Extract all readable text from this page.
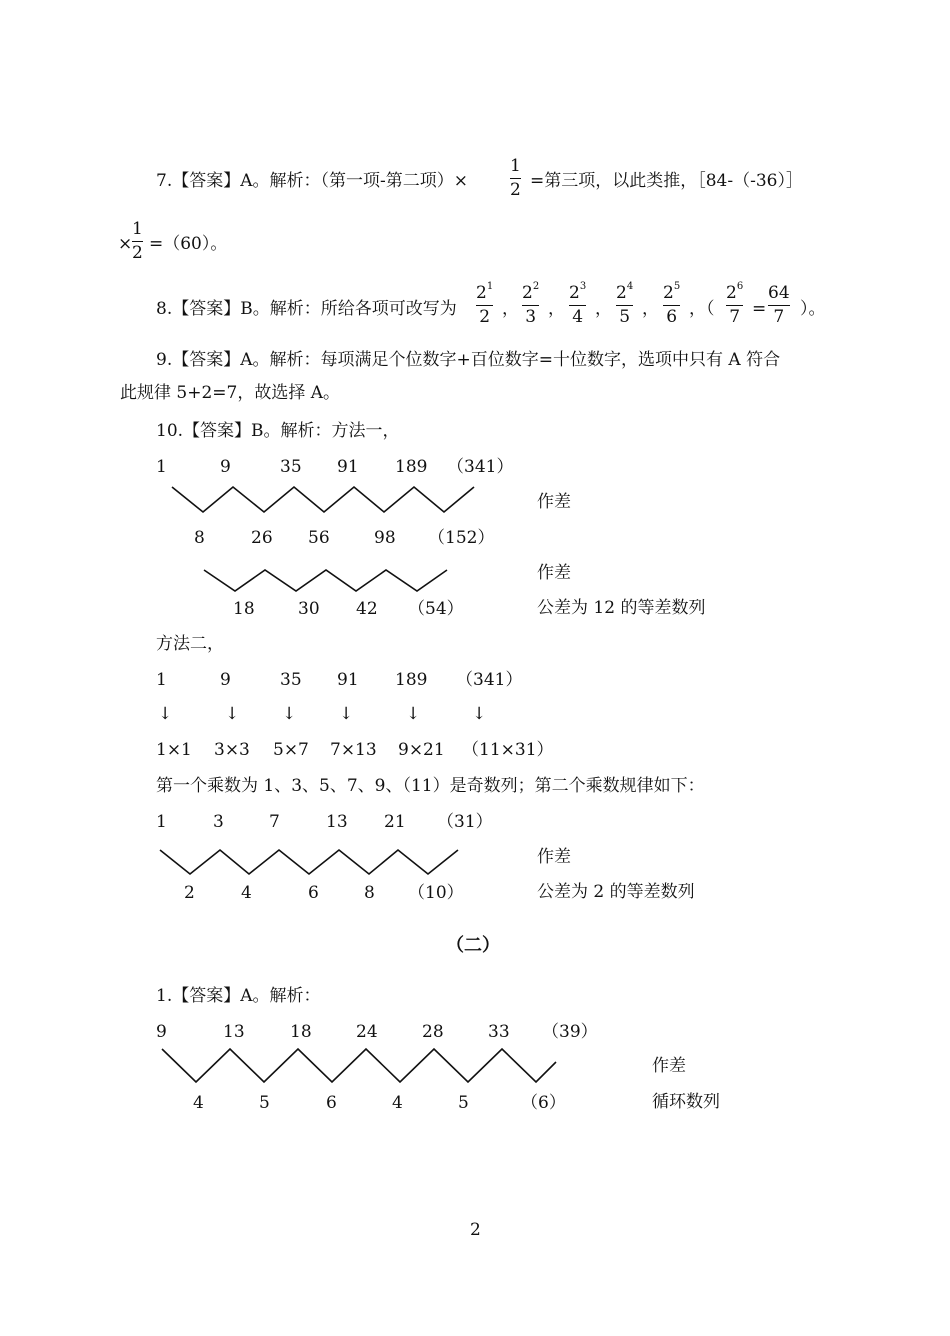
7.【答案】A。解析：（第一项-第二项）×
1
2 =第三项，以此类推，［84-（-36）］
×
1
2 =（60）。
8.【答案】B。解析：所给各项可改写为
$2^1$
2 ，
$2^2$
3 ，
$2^3$
4 ，
$2^4$
5 ，
$2^5$
6 ，（
$2^6$
7
64
7
= ）。
9.【答案】A。解析：每项满足个位数字+百位数字=十位数字，选项中只有 A 符合
此规律 5+2=7，故选择 A。
10.【答案】B。解析：方法一，
1	9	35 91 189 （341）
8	26 56	98 （152）
作差
作差
18	30 42 （54）	公差为 12 的等差数列
方法二，
1	9	35 91 189 （341）
↓	↓	↓	↓	↓	↓
1×1 3×3 5×7 7×13 9×21 （11×31）
第一个乘数为 1、3、5、7、9、（11）是奇数列；第二个乘数规律如下：
1	3	7	13 21 （31）
作差
2	4	6	8 （10）	公差为 2 的等差数列
（二）
1.【答案】A。解析：
9	13	18	24	28	33 （39）
作差
4	5	6	4	5	（6）	循环数列
2
